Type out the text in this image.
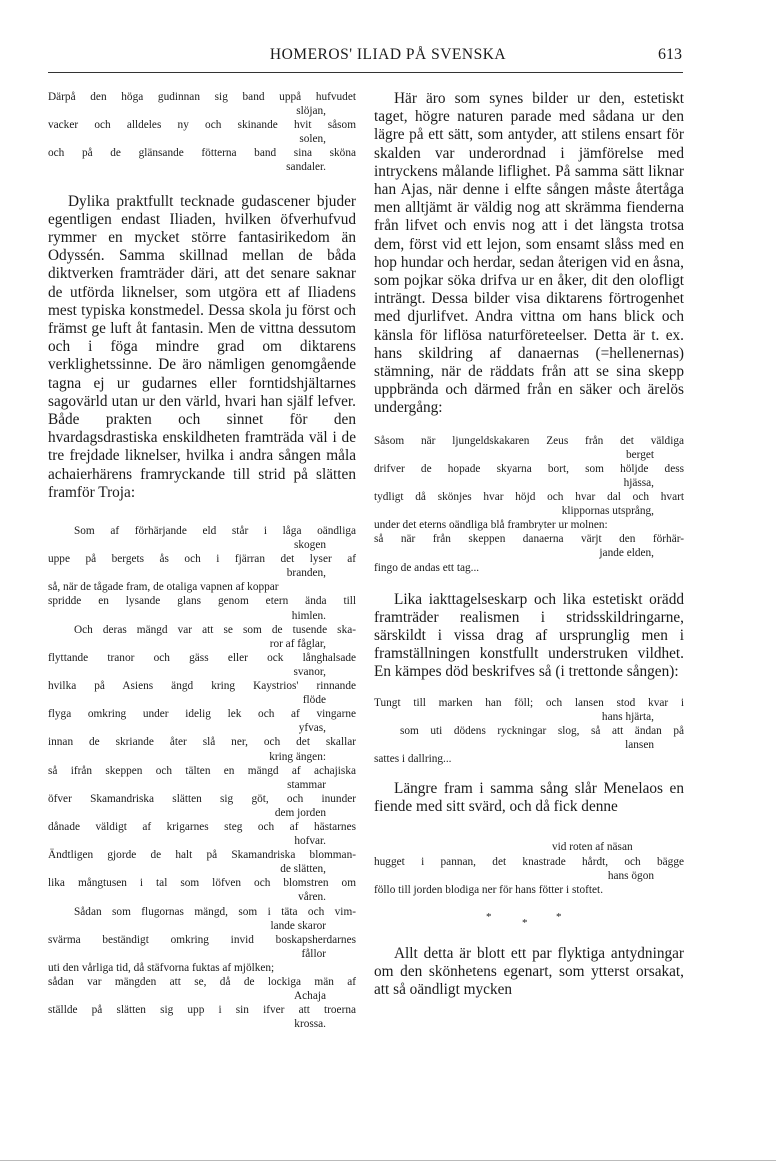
HOMEROS' ILIAD PÅ SVENSKA	613

Därpå den höga gudinnan sig band uppå hufvudet

slöjan,

vacker och alldeles ny och skinande hvit såsom

solen,

och på de glänsande fötterna band sina sköna

sandaler.

Dylika praktfullt tecknade gudascener bjuder egentligen endast Iliaden, hvilken öfverhufvud rymmer en mycket större fantasirikedom än Odyssén. Samma skillnad mellan de båda diktverken framträder däri, att det senare saknar de utförda liknelser, som utgöra ett af Iliadens mest typiska konstmedel. Dessa skola ju först och främst ge luft åt fantasin. Men de vittna dessutom och i föga mindre grad om diktarens verklighetssinne. De äro nämligen genomgående tagna ej ur gudarnes eller forntidshjältarnes sagovärld utan ur den värld, hvari han själf lefver. Både prakten och sinnet för den hvardagsdrastiska enskildheten framträda väl i de tre frejdade liknelser, hvilka i andra sången måla achaierhärens framryckande till strid på slätten framför Troja:

Som af förhärjande eld står i låga oändliga

skogen

uppe på bergets ås och i fjärran det lyser af

branden,

så, när de tågade fram, de otaliga vapnen af koppar

spridde en lysande glans genom etern ända till

himlen.

Och deras mängd var att se som de tusende ska-

ror af fåglar,

flyttande tranor och gäss eller ock långhalsade

svanor,

hvilka på Asiens ängd kring Kaystrios' rinnande

flöde

flyga omkring under idelig lek och af vingarne

yfvas,

innan de skriande åter slå ner, och det skallar

kring ängen:

så ifrån skeppen och tälten en mängd af achajiska

stammar

öfver Skamandriska slätten sig göt, och inunder

dem jorden

dånade väldigt af krigarnes steg och af hästarnes

hofvar.

Ändtligen gjorde de halt på Skamandriska blomman-

de slätten,

lika mångtusen i tal som löfven och blomstren om

våren.

Sådan som flugornas mängd, som i täta och vim-

lande skaror

svärma beständigt omkring invid boskapsherdarnes

fållor

uti den vårliga tid, då stäfvorna fuktas af mjölken;

sådan var mängden att se, då de lockiga män af

Achaja

ställde på slätten sig upp i sin ifver att troerna

krossa.

Här äro som synes bilder ur den, estetiskt taget, högre naturen parade med sådana ur den lägre på ett sätt, som antyder, att stilens ensart för skalden var underordnad i jämförelse med intryckens målande liflighet. På samma sätt liknar han Ajas, när denne i elfte sången måste återtåga men alltjämt är väldig nog att skrämma fienderna från lifvet och envis nog att i det längsta trotsa dem, först vid ett lejon, som ensamt slåss med en hop hundar och herdar, sedan återigen vid en åsna, som pojkar söka drifva ur en åker, dit den olofligt inträngt. Dessa bilder visa diktarens förtrogenhet med djurlifvet. Andra vittna om hans blick och känsla för liflösa naturföreteelser. Detta är t. ex. hans skildring af danaernas (=hellenernas) stämning, när de räddats från att se sina skepp uppbrända och därmed från en säker och ärelös undergång:

Såsom när ljungeldskakaren Zeus från det väldiga

berget

drifver de hopade skyarna bort, som höljde dess

hjässa,

tydligt då skönjes hvar höjd och hvar dal och hvart

klippornas utsprång,

under det eterns oändliga blå frambryter ur molnen:

så när från skeppen danaerna värjt den förhär-

jande elden,

fingo de andas ett tag...

Lika iakttagelseskarp och lika estetiskt orädd framträder realismen i stridsskildringarne, särskildt i vissa drag af ursprunglig men i framställningen konstfullt understruken vildhet. En kämpes död beskrifves så (i trettonde sången):

Tungt till marken han föll; och lansen stod kvar i

hans hjärta,

som uti dödens ryckningar slog, så att ändan på

lansen

sattes i dallring...

Längre fram i samma sång slår Menelaos en fiende med sitt svärd, och då fick denne

vid roten af näsan

hugget i pannan, det knastrade hårdt, och bägge

hans ögon

föllo till jorden blodiga ner för hans fötter i stoftet.

*	*	*

Allt detta är blott ett par flyktiga antydningar om den skönhetens egenart, som ytterst orsakat, att så oändligt mycken
